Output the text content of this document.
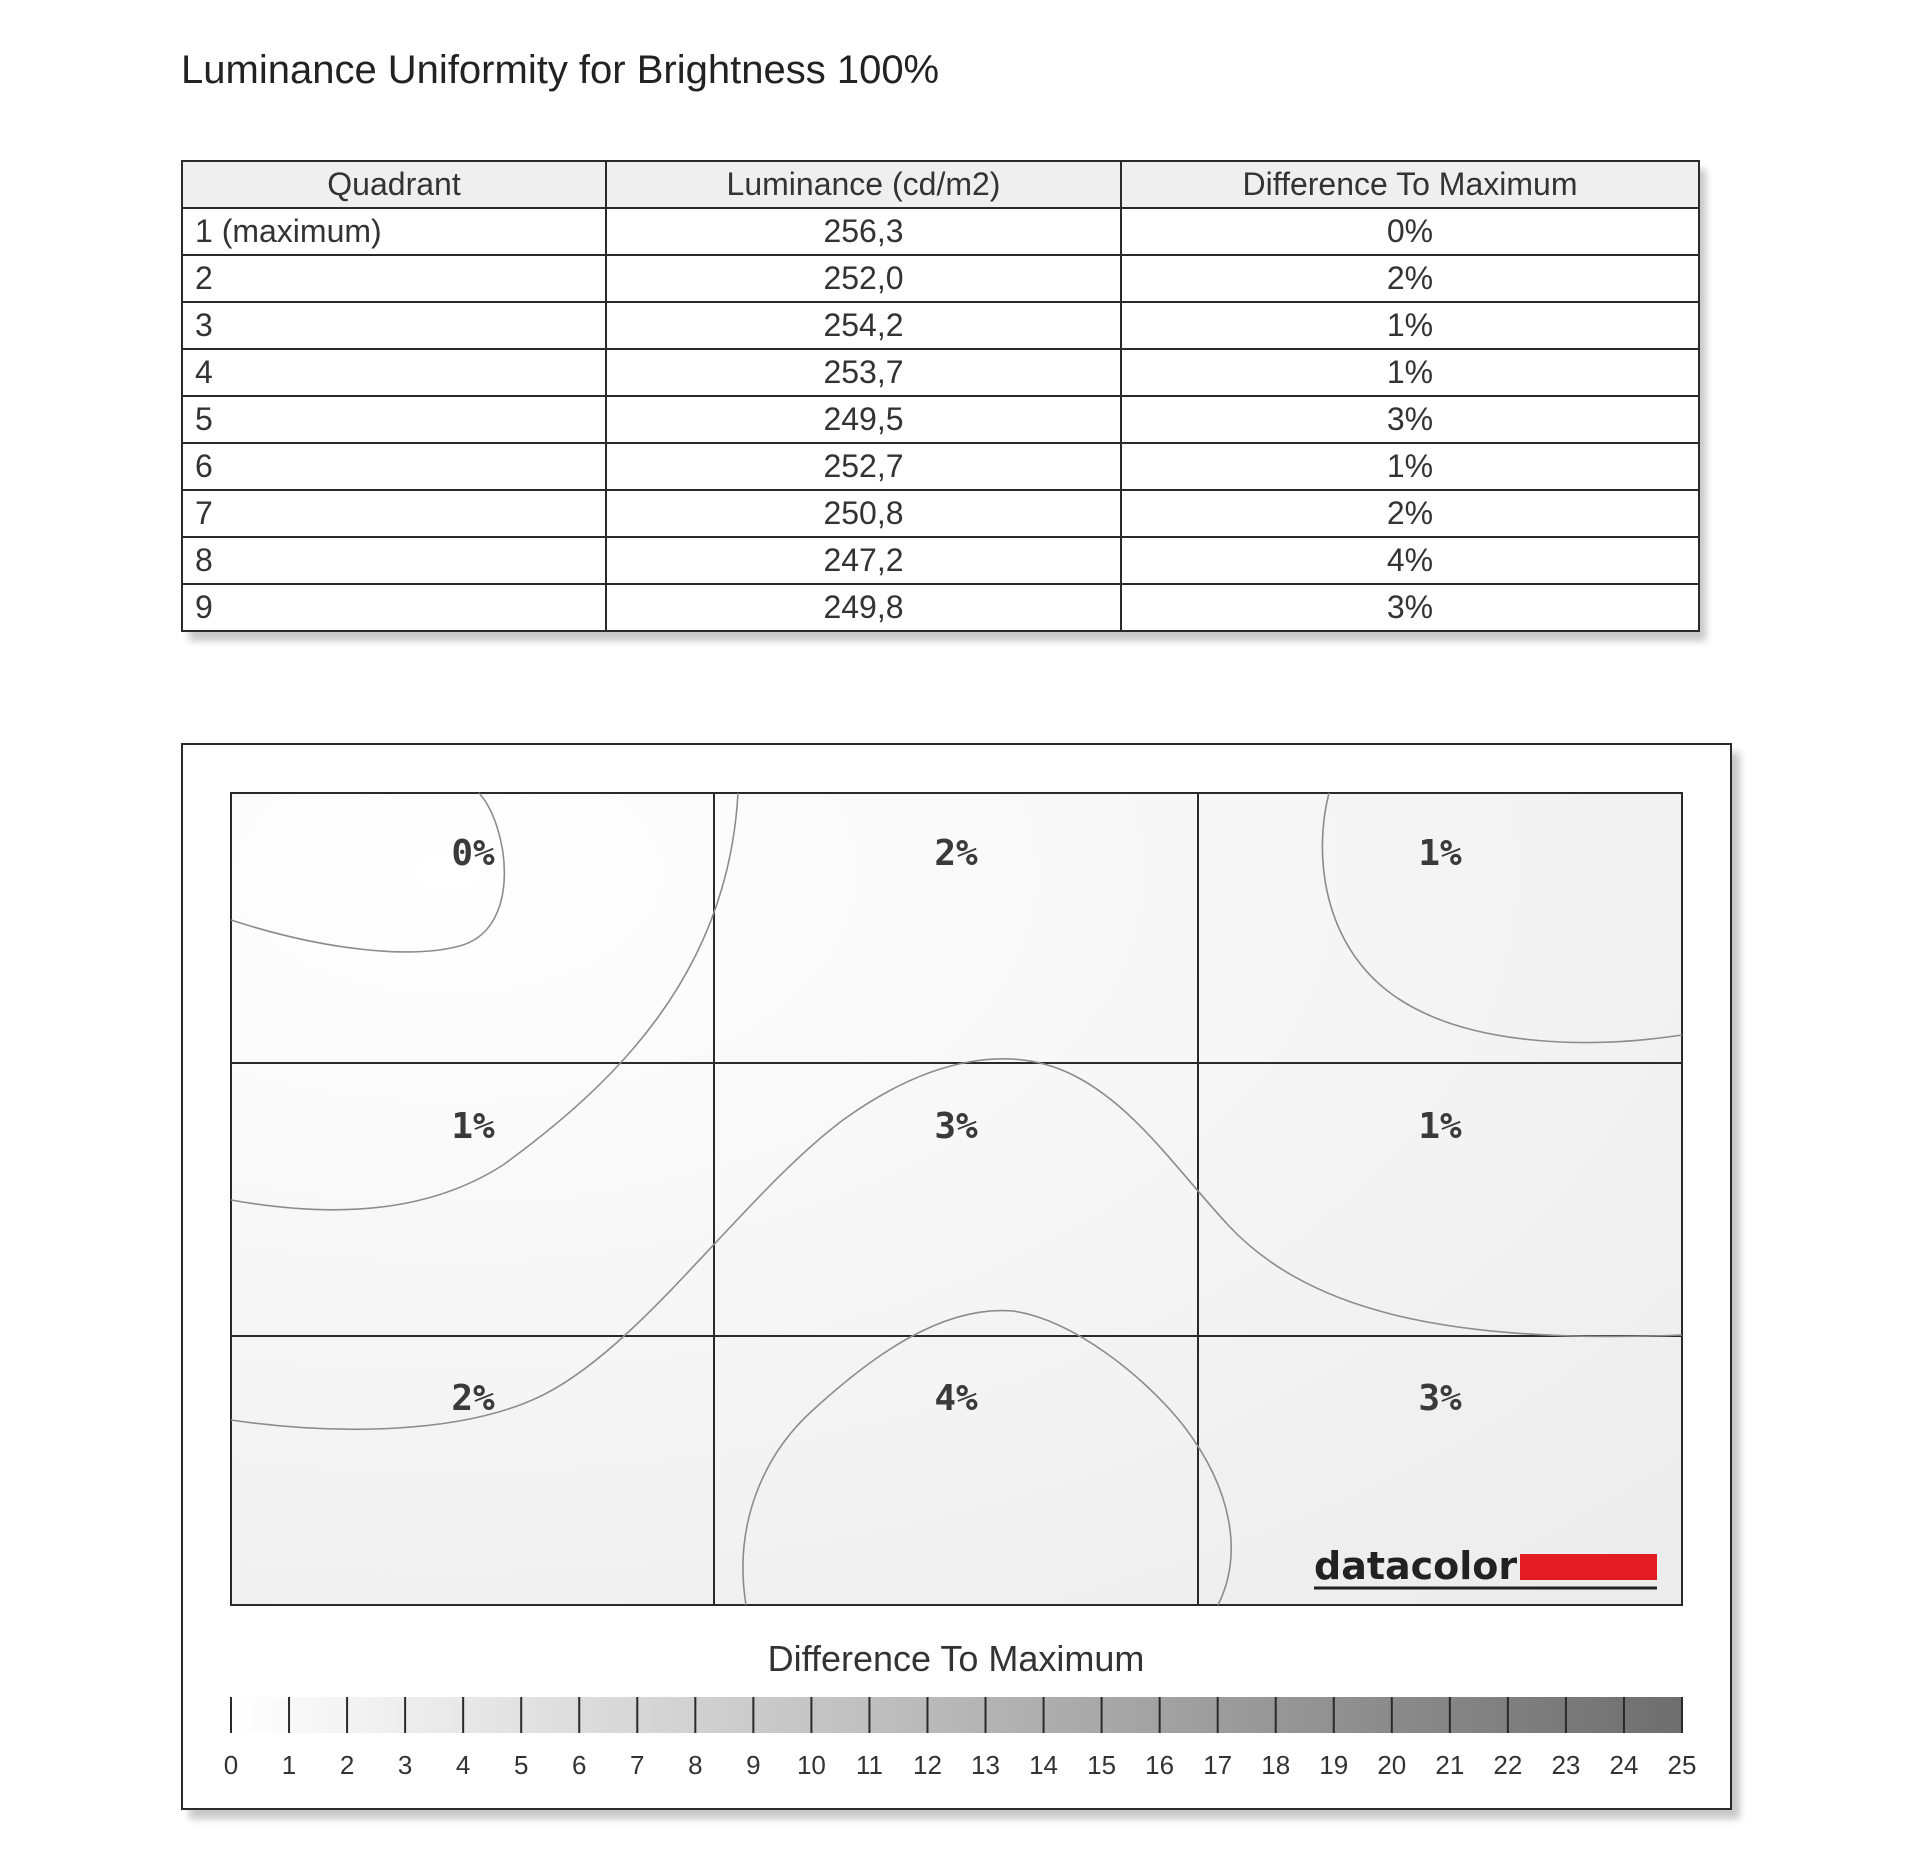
Luminance Uniformity for Brightness 100%
Quadrant	Luminance (cd/m2)	Difference To Maximum
1 (maximum)	256,3	0%
2	252,0	2%
3	254,2	1%
4	253,7	1%
5	249,5	3%
6	252,7	1%
7	250,8	2%
8	247,2	4%
9	249,8	3%
0%	2%	1%
1%	3%	1%
2%	4%	3%
datacolor
Difference To Maximum
0 1 2 3 4 5 6 7 8 9 10 11 12 13 14 15 16 17 18 19 20 21 22 23 24 25
